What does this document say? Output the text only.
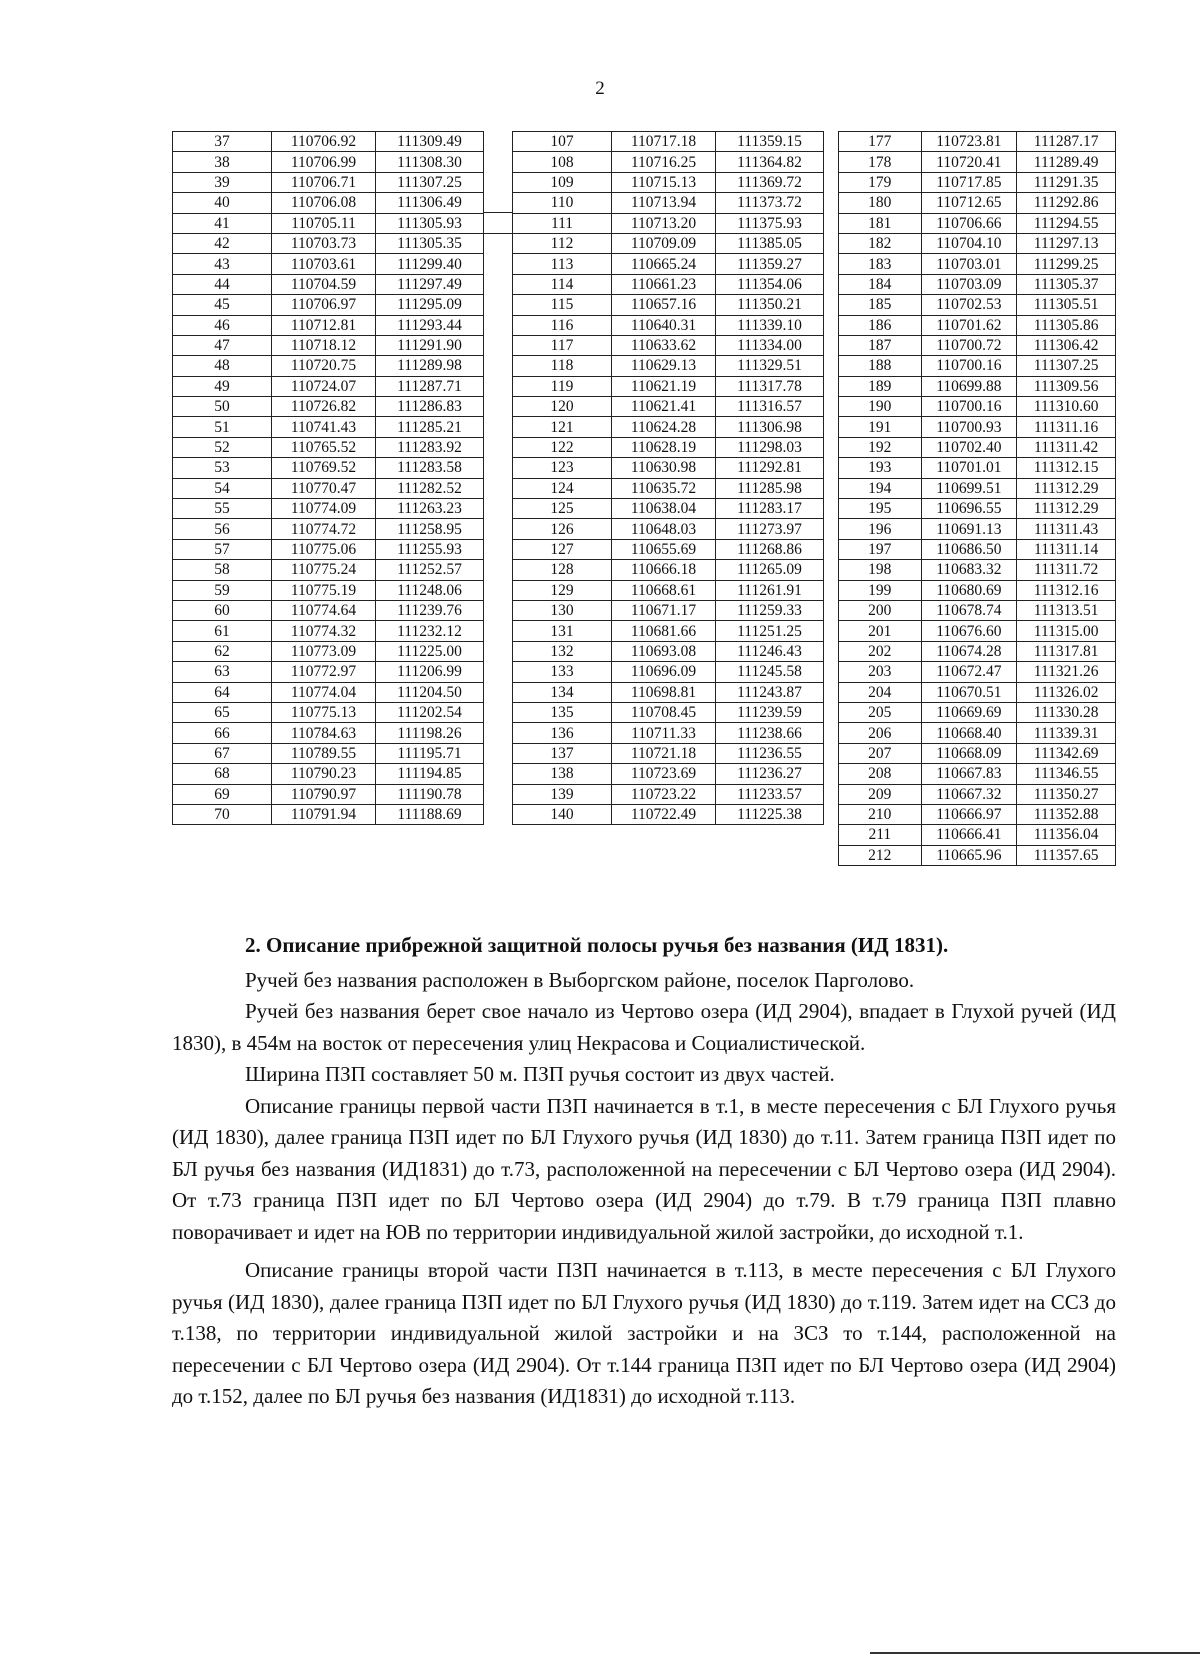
2
37	110706.92	111309.49
38	110706.99	111308.30
39	110706.71	111307.25
40	110706.08	111306.49
41	110705.11	111305.93
42	110703.73	111305.35
43	110703.61	111299.40
44	110704.59	111297.49
45	110706.97	111295.09
46	110712.81	111293.44
47	110718.12	111291.90
48	110720.75	111289.98
49	110724.07	111287.71
50	110726.82	111286.83
51	110741.43	111285.21
52	110765.52	111283.92
53	110769.52	111283.58
54	110770.47	111282.52
55	110774.09	111263.23
56	110774.72	111258.95
57	110775.06	111255.93
58	110775.24	111252.57
59	110775.19	111248.06
60	110774.64	111239.76
61	110774.32	111232.12
62	110773.09	111225.00
63	110772.97	111206.99
64	110774.04	111204.50
65	110775.13	111202.54
66	110784.63	111198.26
67	110789.55	111195.71
68	110790.23	111194.85
69	110790.97	111190.78
70	110791.94	111188.69
107	110717.18	111359.15
108	110716.25	111364.82
109	110715.13	111369.72
110	110713.94	111373.72
111	110713.20	111375.93
112	110709.09	111385.05
113	110665.24	111359.27
114	110661.23	111354.06
115	110657.16	111350.21
116	110640.31	111339.10
117	110633.62	111334.00
118	110629.13	111329.51
119	110621.19	111317.78
120	110621.41	111316.57
121	110624.28	111306.98
122	110628.19	111298.03
123	110630.98	111292.81
124	110635.72	111285.98
125	110638.04	111283.17
126	110648.03	111273.97
127	110655.69	111268.86
128	110666.18	111265.09
129	110668.61	111261.91
130	110671.17	111259.33
131	110681.66	111251.25
132	110693.08	111246.43
133	110696.09	111245.58
134	110698.81	111243.87
135	110708.45	111239.59
136	110711.33	111238.66
137	110721.18	111236.55
138	110723.69	111236.27
139	110723.22	111233.57
140	110722.49	111225.38
177	110723.81	111287.17
178	110720.41	111289.49
179	110717.85	111291.35
180	110712.65	111292.86
181	110706.66	111294.55
182	110704.10	111297.13
183	110703.01	111299.25
184	110703.09	111305.37
185	110702.53	111305.51
186	110701.62	111305.86
187	110700.72	111306.42
188	110700.16	111307.25
189	110699.88	111309.56
190	110700.16	111310.60
191	110700.93	111311.16
192	110702.40	111311.42
193	110701.01	111312.15
194	110699.51	111312.29
195	110696.55	111312.29
196	110691.13	111311.43
197	110686.50	111311.14
198	110683.32	111311.72
199	110680.69	111312.16
200	110678.74	111313.51
201	110676.60	111315.00
202	110674.28	111317.81
203	110672.47	111321.26
204	110670.51	111326.02
205	110669.69	111330.28
206	110668.40	111339.31
207	110668.09	111342.69
208	110667.83	111346.55
209	110667.32	111350.27
210	110666.97	111352.88
211	110666.41	111356.04
212	110665.96	111357.65
2. Описание прибрежной защитной полосы ручья без названия (ИД 1831).

Ручей без названия расположен в Выборгском районе, поселок Парголово.

Ручей без названия берет свое начало из Чертово озера (ИД 2904), впадает в Глухой ручей (ИД 1830), в 454м на восток от пересечения улиц Некрасова и Социалистической.

Ширина ПЗП составляет 50 м. ПЗП ручья состоит из двух частей.

Описание границы первой части ПЗП начинается в т.1, в месте пересечения с БЛ Глухого ручья (ИД 1830), далее граница ПЗП идет по БЛ Глухого ручья (ИД 1830) до т.11. Затем граница ПЗП идет по БЛ ручья без названия (ИД1831) до т.73, расположенной на пересечении с БЛ Чертово озера (ИД 2904). От т.73 граница ПЗП идет по БЛ Чертово озера (ИД 2904) до т.79. В т.79 граница ПЗП плавно поворачивает и идет на ЮВ по территории индивидуальной жилой застройки, до исходной т.1.

Описание границы второй части ПЗП начинается в т.113, в месте пересечения с БЛ Глухого ручья (ИД 1830), далее граница ПЗП идет по БЛ Глухого ручья (ИД 1830) до т.119. Затем идет на ССЗ до т.138, по территории индивидуальной жилой застройки и на ЗСЗ то т.144, расположенной на пересечении с БЛ Чертово озера (ИД 2904). От т.144 граница ПЗП идет по БЛ Чертово озера (ИД 2904) до т.152, далее по БЛ ручья без названия (ИД1831) до исходной т.113.
